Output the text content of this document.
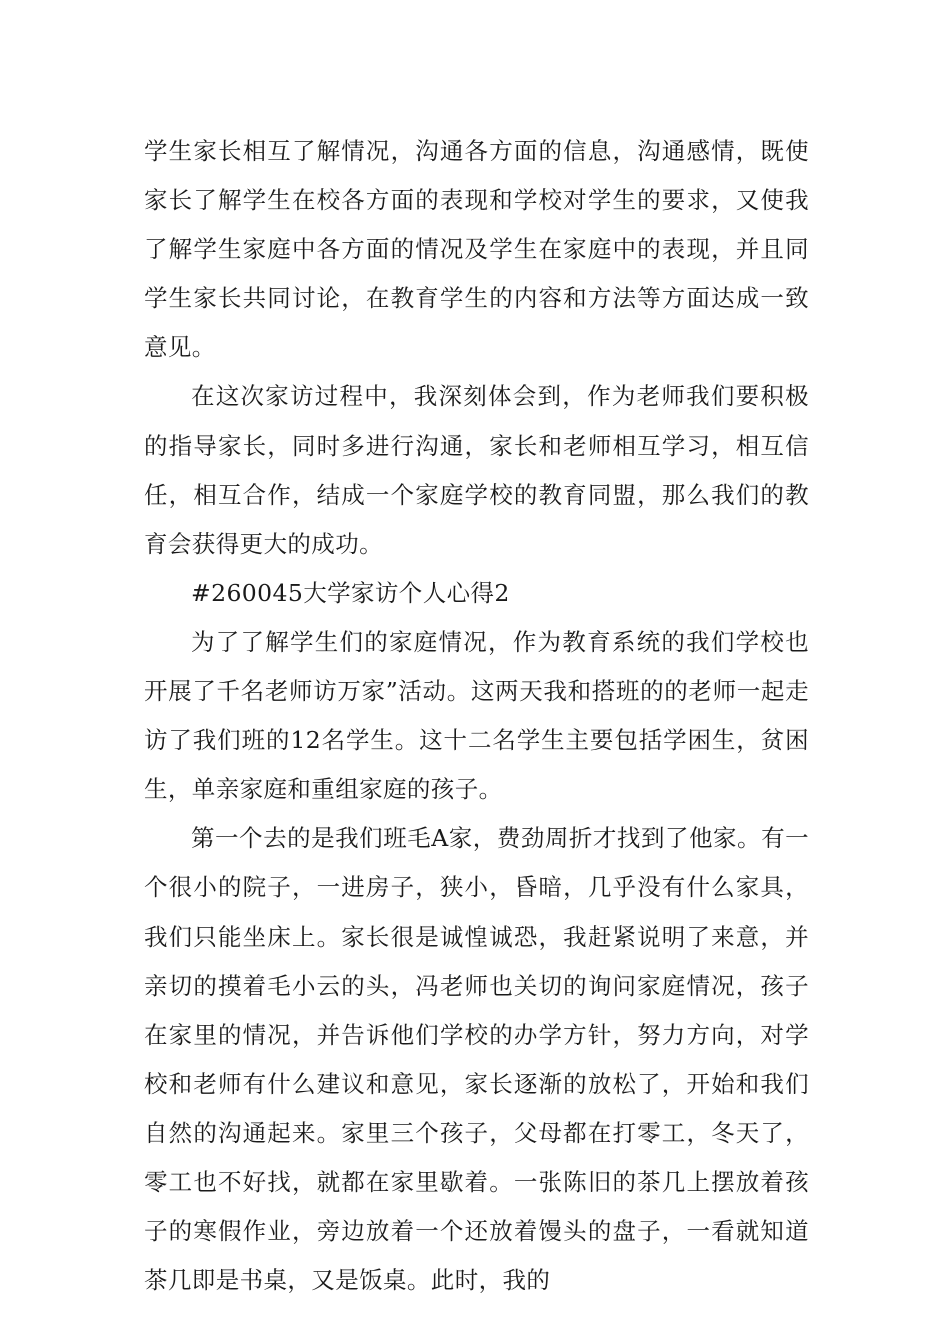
学生家长相互了解情况，沟通各方面的信息，沟通感情，既使家长了解学生在校各方面的表现和学校对学生的要求，又使我了解学生家庭中各方面的情况及学生在家庭中的表现，并且同学生家长共同讨论，在教育学生的内容和方法等方面达成一致意见。

在这次家访过程中，我深刻体会到，作为老师我们要积极的指导家长，同时多进行沟通，家长和老师相互学习，相互信任，相互合作，结成一个家庭学校的教育同盟，那么我们的教育会获得更大的成功。

#260045大学家访个人心得2

为了了解学生们的家庭情况，作为教育系统的我们学校也开展了千名老师访万家”活动。这两天我和搭班的的老师一起走访了我们班的12名学生。这十二名学生主要包括学困生，贫困生，单亲家庭和重组家庭的孩子。

第一个去的是我们班毛A家，费劲周折才找到了他家。有一个很小的院子，一进房子，狭小，昏暗，几乎没有什么家具，我们只能坐床上。家长很是诚惶诚恐，我赶紧说明了来意，并亲切的摸着毛小云的头，冯老师也关切的询问家庭情况，孩子在家里的情况，并告诉他们学校的办学方针，努力方向，对学校和老师有什么建议和意见，家长逐渐的放松了，开始和我们自然的沟通起来。家里三个孩子，父母都在打零工，冬天了，零工也不好找，就都在家里歇着。一张陈旧的茶几上摆放着孩子的寒假作业，旁边放着一个还放着馒头的盘子，一看就知道茶几即是书桌，又是饭桌。此时，我的
